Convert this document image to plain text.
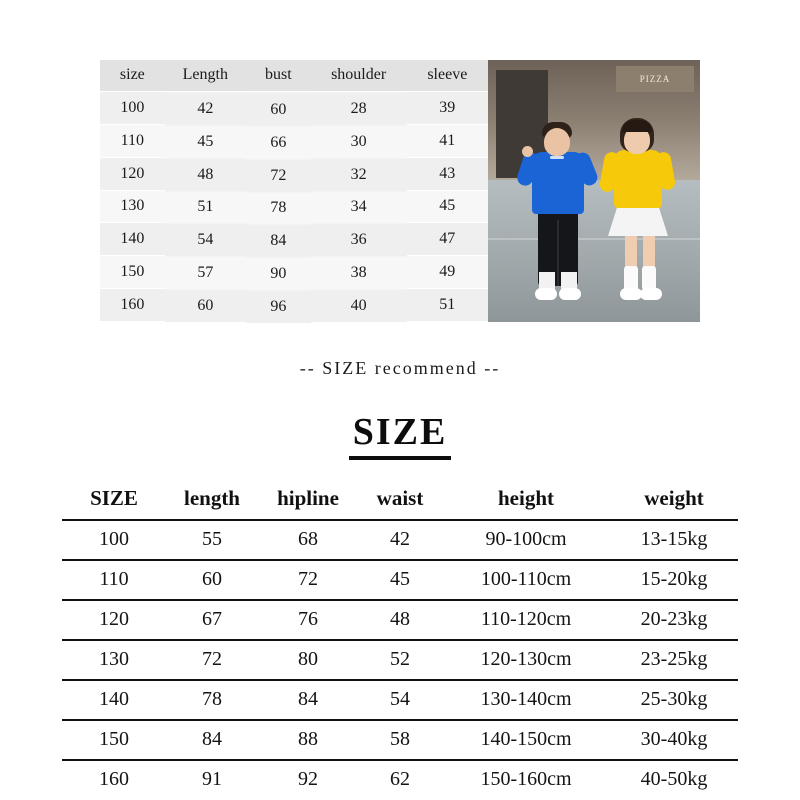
size	Length	bust	shoulder	sleeve
100	42	60	28	39
110	45	66	30	41
120	48	72	32	43
130	51	78	34	45
140	54	84	36	47
150	57	90	38	49
160	60	96	40	51
PIZZA
-- SIZE recommend --
SIZE
SIZE	length	hipline	waist	height	weight
100	55	68	42	90-100cm	13-15kg
110	60	72	45	100-110cm	15-20kg
120	67	76	48	110-120cm	20-23kg
130	72	80	52	120-130cm	23-25kg
140	78	84	54	130-140cm	25-30kg
150	84	88	58	140-150cm	30-40kg
160	91	92	62	150-160cm	40-50kg
